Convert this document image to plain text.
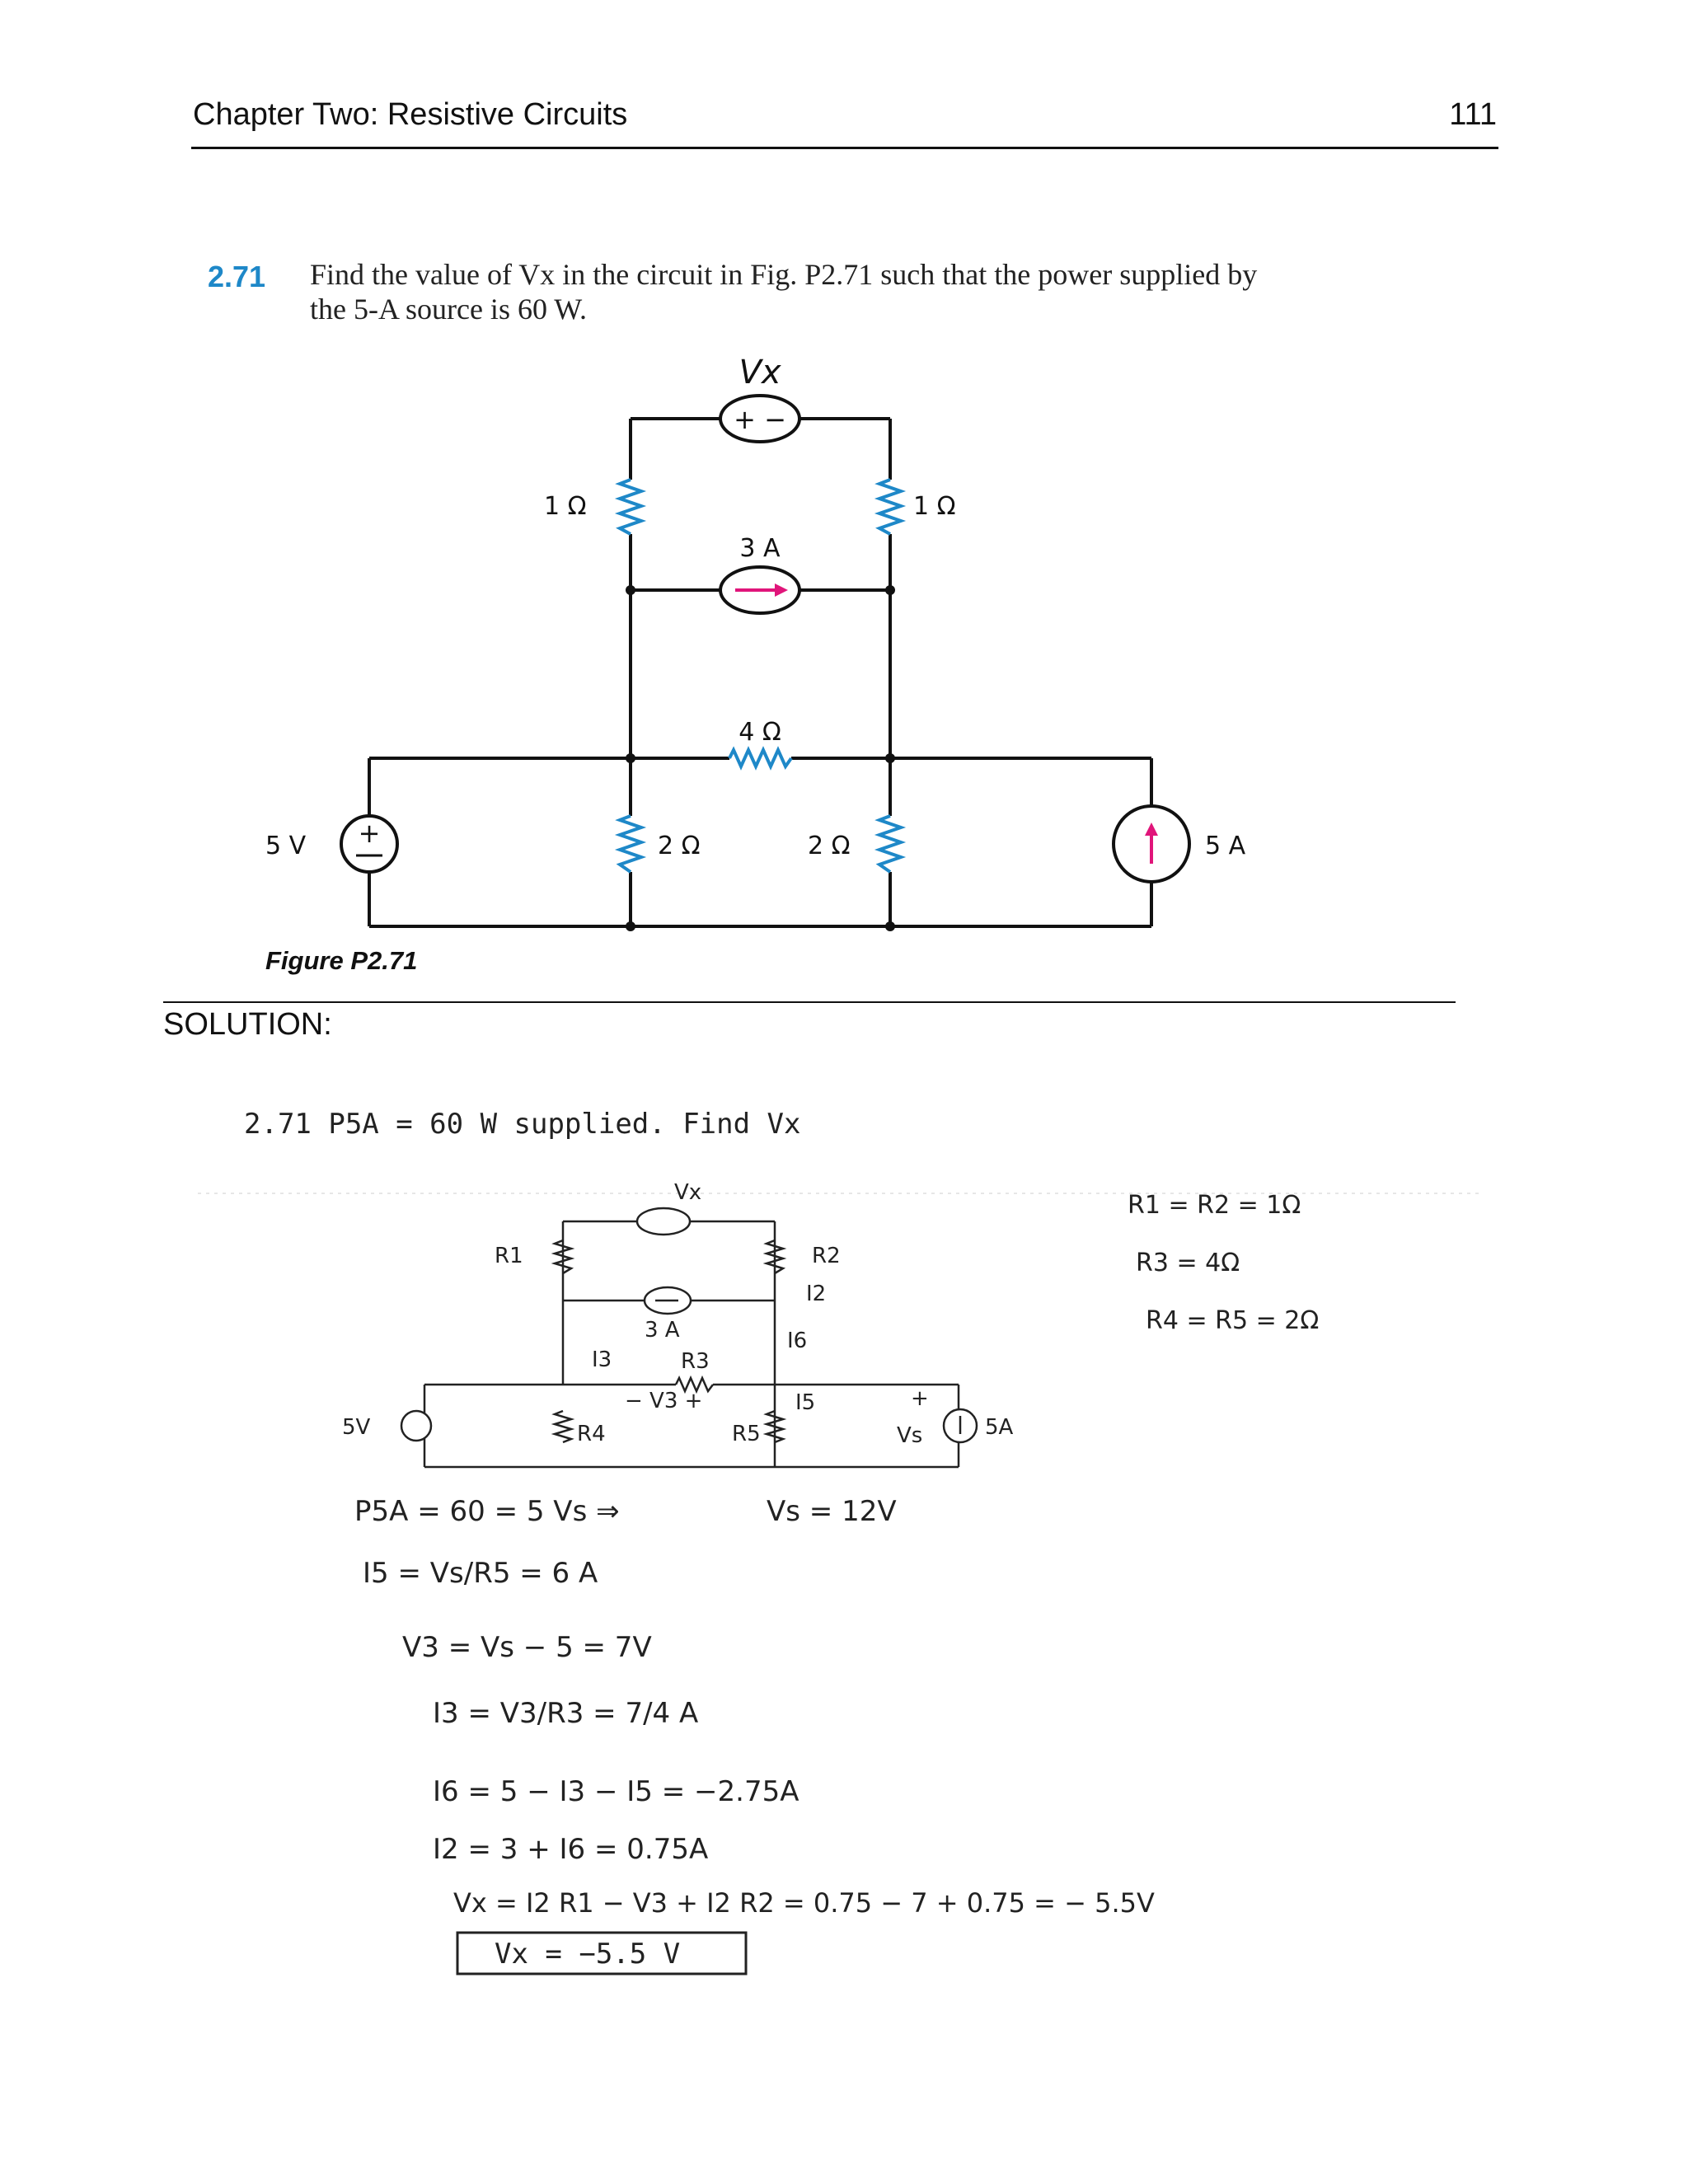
Chapter Two: Resistive Circuits	111
2.71 Find the value of Vx in the circuit in Fig. P2.71 such that the power supplied by the 5-A source is 60 W.
+ −
Vx
3 A
1 Ω	1 Ω
4 Ω
2 Ω	2 Ω
+
5 V	5 A
Figure P2.71
SOLUTION:
2.71 P5A = 60 W supplied. Find Vx
Vx
R1	R2
I2
3 A
I3	R3
− V3 +
I6
I5
R4	R5
5V	Vs
+
5A
R1 = R2 = 1Ω
R3 = 4Ω
R4 = R5 = 2Ω
P5A = 60 = 5 Vs ⇒	Vs = 12V
I5 = Vs/R5 = 6 A
V3 = Vs − 5 = 7V
I3 = V3/R3 = 7/4 A
I6 = 5 − I3 − I5 = −2.75A
I2 = 3 + I6 = 0.75A
Vx = I2 R1 − V3 + I2 R2 = 0.75 − 7 + 0.75 = − 5.5V
Vx = −5.5 V
